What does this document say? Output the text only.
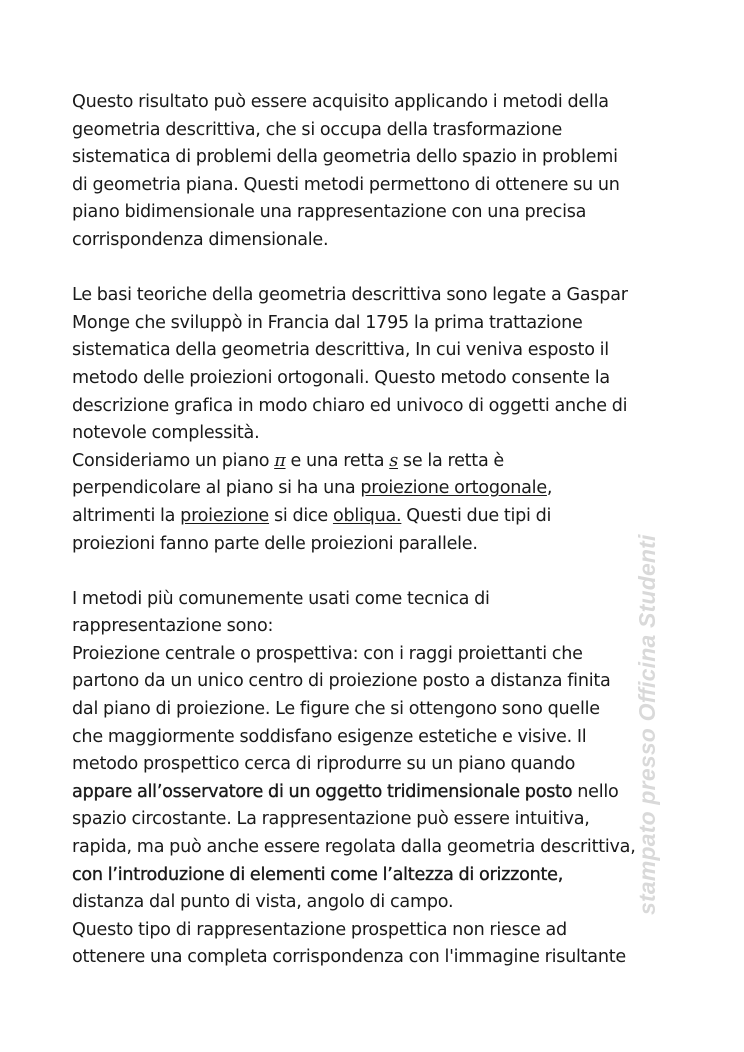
Questo risultato può essere acquisito applicando i metodi della
geometria descrittiva, che si occupa della trasformazione
sistematica di problemi della geometria dello spazio in problemi
di geometria piana. Questi metodi permettono di ottenere su un
piano bidimensionale una rappresentazione con una precisa
corrispondenza dimensionale.

Le basi teoriche della geometria descrittiva sono legate a Gaspar
Monge che sviluppò in Francia dal 1795 la prima trattazione
sistematica della geometria descrittiva, In cui veniva esposto il
metodo delle proiezioni ortogonali. Questo metodo consente la
descrizione grafica in modo chiaro ed univoco di oggetti anche di
notevole complessità.

Consideriamo un piano π e una retta s se la retta è
perpendicolare al piano si ha una proiezione ortogonale,
altrimenti la proiezione si dice obliqua. Questi due tipi di
proiezioni fanno parte delle proiezioni parallele.

I metodi più comunemente usati come tecnica di
rappresentazione sono:
Proiezione centrale o prospettiva: con i raggi proiettanti che
partono da un unico centro di proiezione posto a distanza finita
dal piano di proiezione. Le figure che si ottengono sono quelle
che maggiormente soddisfano esigenze estetiche e visive. Il
metodo prospettico cerca di riprodurre su un piano quando
appare all’osservatore di un oggetto tridimensionale posto nello
spazio circostante. La rappresentazione può essere intuitiva,
rapida, ma può anche essere regolata dalla geometria descrittiva,
con l’introduzione di elementi come l’altezza di orizzonte,
distanza dal punto di vista, angolo di campo.
Questo tipo di rappresentazione prospettica non riesce ad
ottenere una completa corrispondenza con l'immagine risultante

stampato presso Officina Studenti
